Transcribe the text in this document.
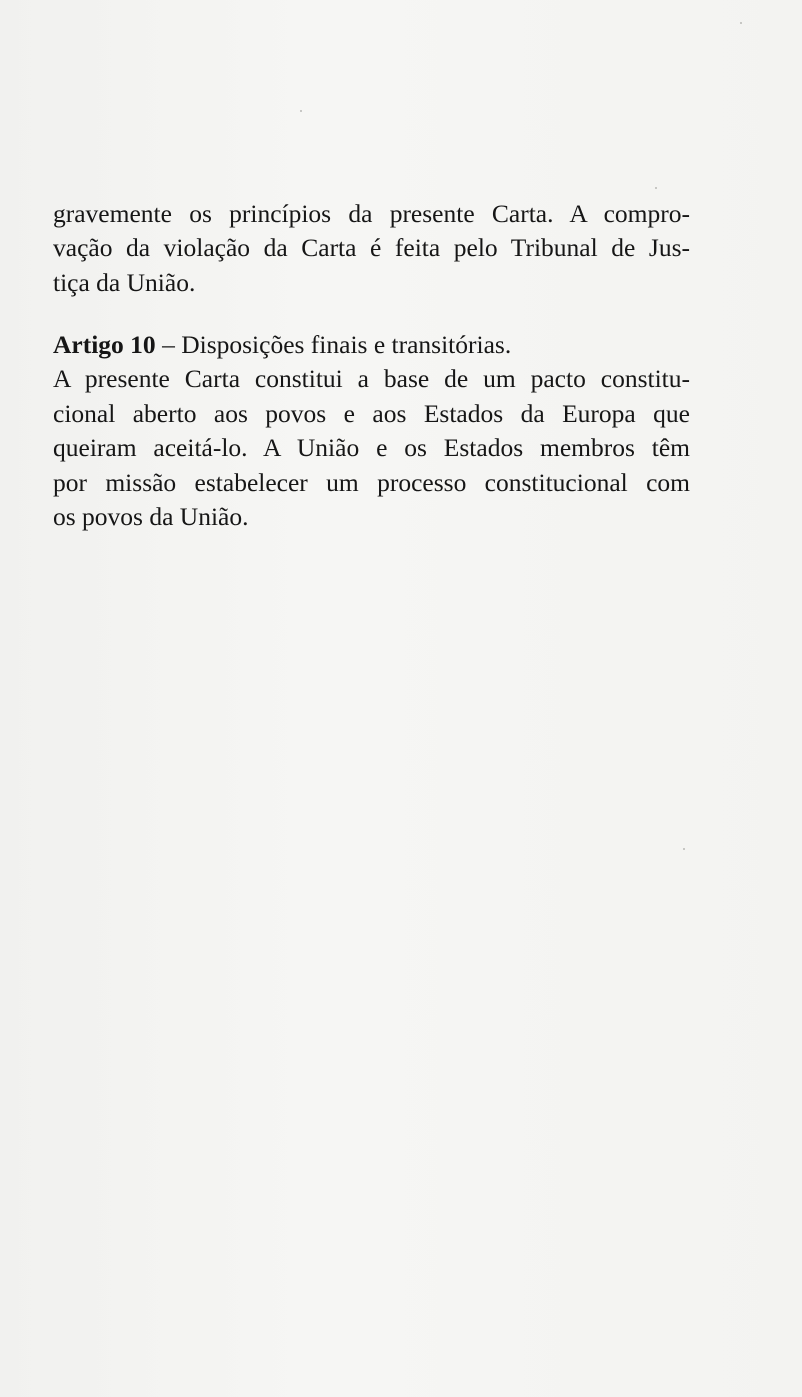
gravemente os princípios da presente Carta. A compro-
vação da violação da Carta é feita pelo Tribunal de Jus-
tiça da União.

Artigo 10 – Disposições finais e transitórias.

A presente Carta constitui a base de um pacto constitu-
cional aberto aos povos e aos Estados da Europa que
queiram aceitá-lo. A União e os Estados membros têm
por missão estabelecer um processo constitucional com
os povos da União.
